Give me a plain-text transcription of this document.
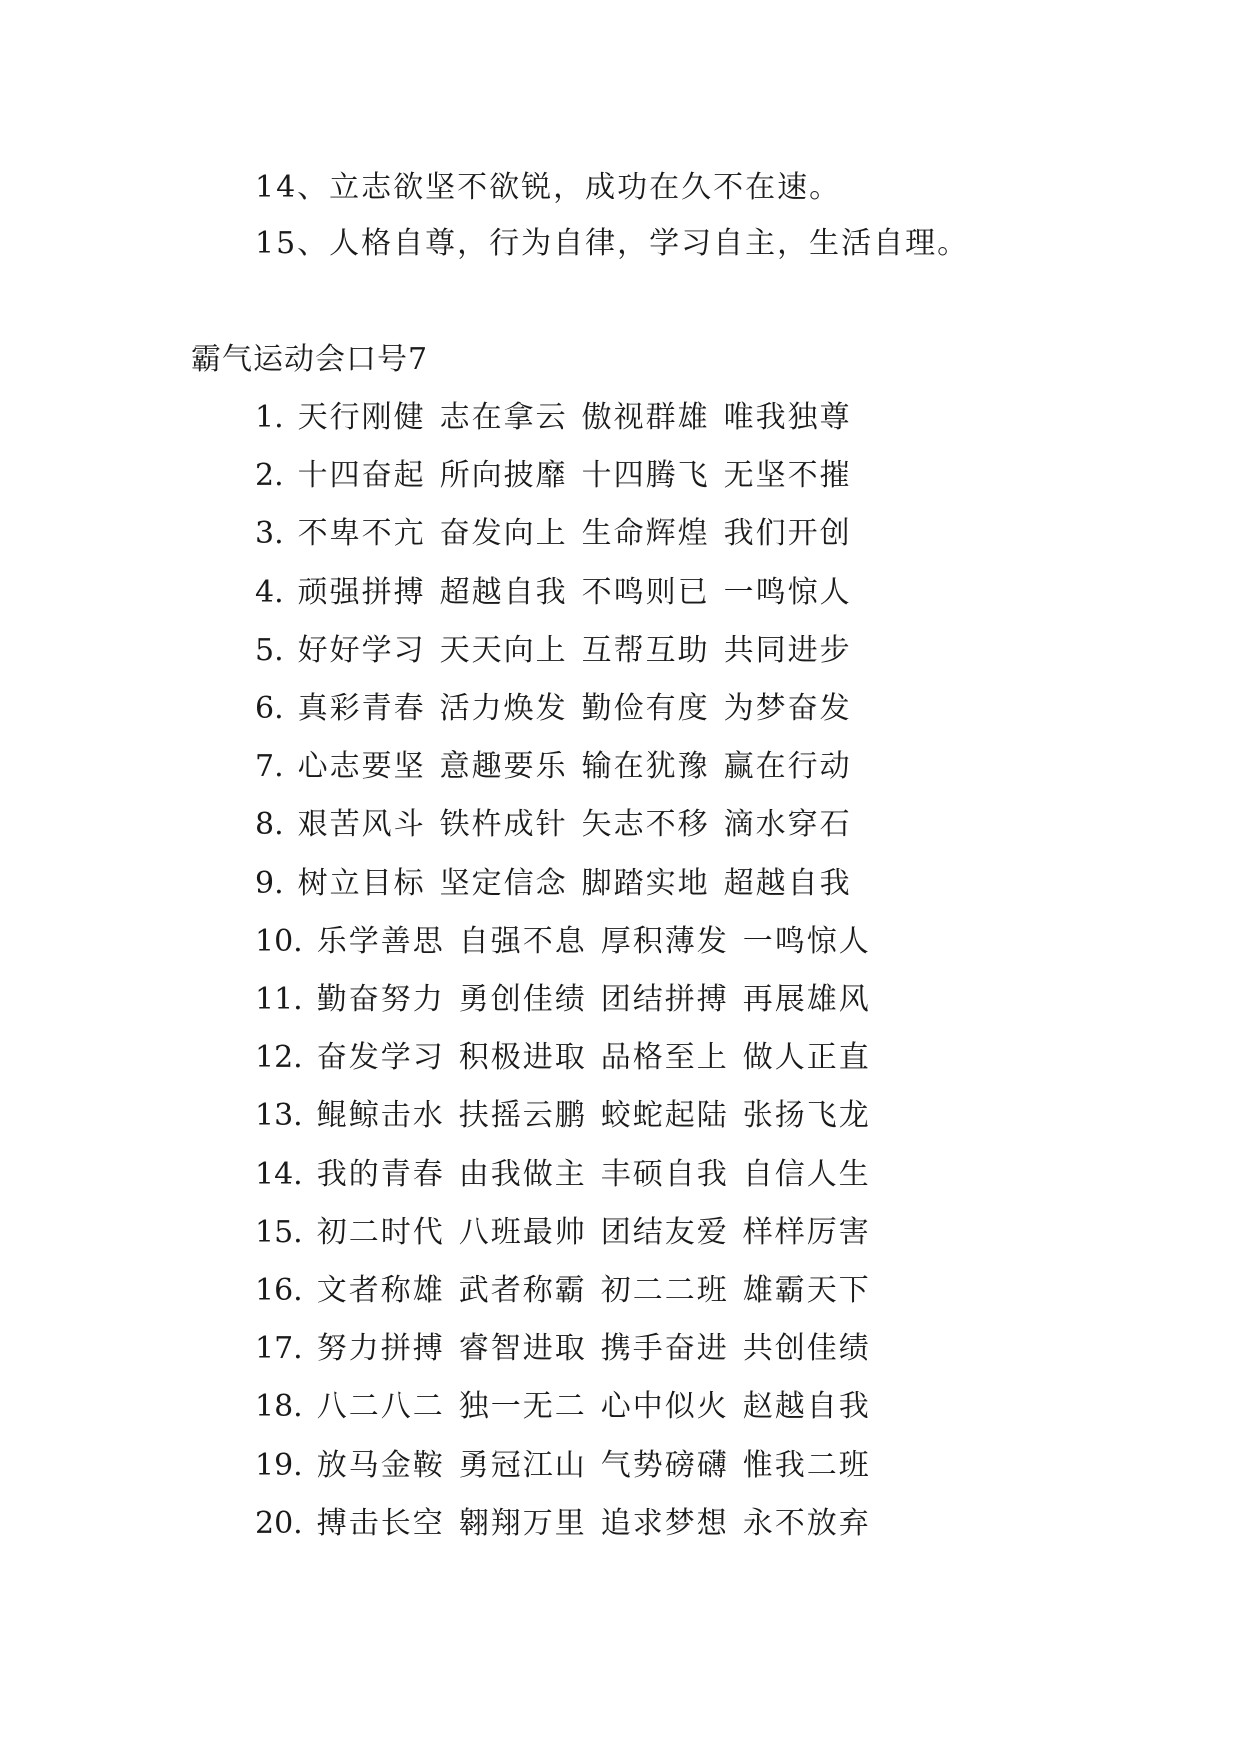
14、立志欲坚不欲锐，成功在久不在速。
15、人格自尊，行为自律，学习自主，生活自理。
霸气运动会口号7
1. 天行刚健 志在拿云 傲视群雄 唯我独尊
2. 十四奋起 所向披靡 十四腾飞 无坚不摧
3. 不卑不亢 奋发向上 生命辉煌 我们开创
4. 顽强拼搏 超越自我 不鸣则已 一鸣惊人
5. 好好学习 天天向上 互帮互助 共同进步
6. 真彩青春 活力焕发 勤俭有度 为梦奋发
7. 心志要坚 意趣要乐 输在犹豫 赢在行动
8. 艰苦风斗 铁杵成针 矢志不移 滴水穿石
9. 树立目标 坚定信念 脚踏实地 超越自我
10. 乐学善思 自强不息 厚积薄发 一鸣惊人
11. 勤奋努力 勇创佳绩 团结拼搏 再展雄风
12. 奋发学习 积极进取 品格至上 做人正直
13. 鲲鲸击水 扶摇云鹏 蛟蛇起陆 张扬飞龙
14. 我的青春 由我做主 丰硕自我 自信人生
15. 初二时代 八班最帅 团结友爱 样样厉害
16. 文者称雄 武者称霸 初二二班 雄霸天下
17. 努力拼搏 睿智进取 携手奋进 共创佳绩
18. 八二八二 独一无二 心中似火 赵越自我
19. 放马金鞍 勇冠江山 气势磅礴 惟我二班
20. 搏击长空 翱翔万里 追求梦想 永不放弃
